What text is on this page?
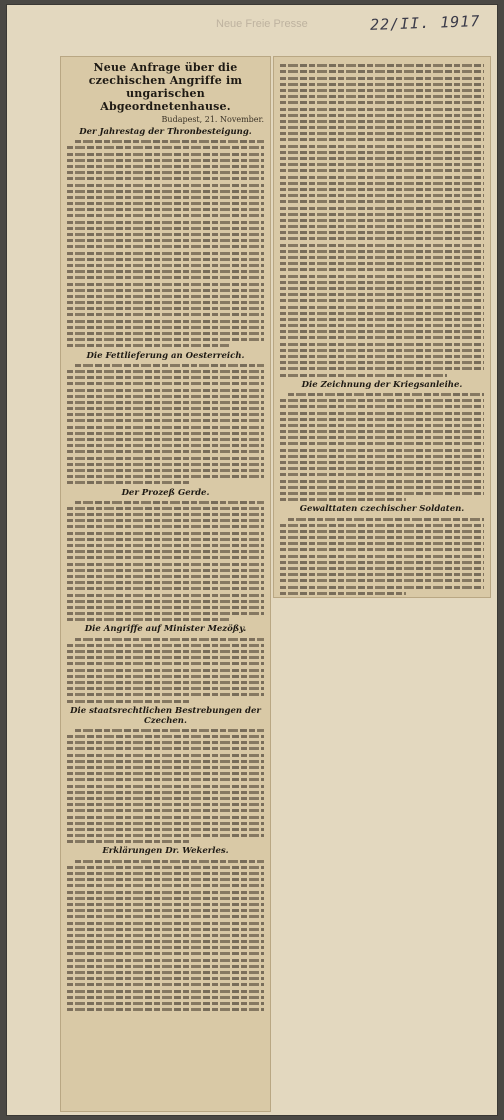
Neue Freie Presse	22/II. 1917
Neue Anfrage über die czechischen Angriffe im ungarischen Abgeordnetenhause.
Budapest, 21. November.
Der Jahrestag der Thronbesteigung.
Die Fettlieferung an Oesterreich.
Der Prozeß Gerde.
Die Angriffe auf Minister Mezößy.
Die staatsrechtlichen Bestrebungen der Czechen.
Erklärungen Dr. Wekerles.
Die Zeichnung der Kriegsanleihe.
Gewalttaten czechischer Soldaten.
